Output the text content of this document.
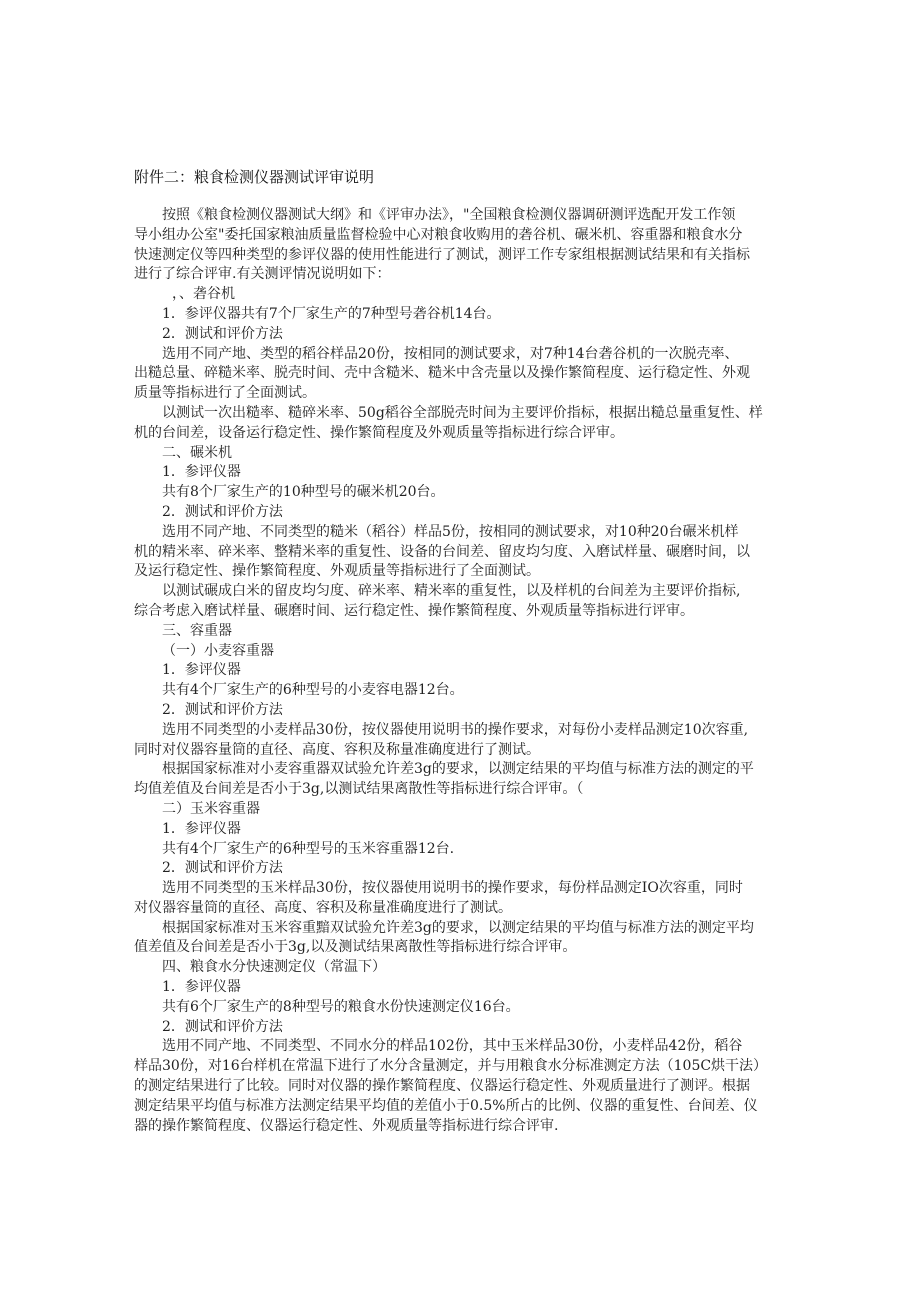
附件二：粮食检测仪器测试评审说明
按照《粮食检测仪器测试大纲》和《评审办法》，"全国粮食检测仪器调研测评选配开发工作领
导小组办公室"委托国家粮油质量监督检验中心对粮食收购用的砻谷机、碾米机、容重器和粮食水分
快速测定仪等四种类型的参评仪器的使用性能进行了测试，测评工作专家组根据测试结果和有关指标
进行了综合评审.有关测评情况说明如下：
，、砻谷机
1．参评仪器共有7个厂家生产的7种型号砻谷机14台。
2．测试和评价方法
选用不同产地、类型的稻谷样品20份，按相同的测试要求，对7种14台砻谷机的一次脱壳率、
出糙总量、碎糙米率、脱壳时间、壳中含糙米、糙米中含壳量以及操作繁简程度、运行稳定性、外观
质量等指标进行了全面测试。
以测试一次出糙率、糙碎米率、50g稻谷全部脱壳时间为主要评价指标，根据出糙总量重复性、样
机的台间差，设备运行稳定性、操作繁简程度及外观质量等指标进行综合评审。
二、碾米机
1．参评仪器
共有8个厂家生产的10种型号的碾米机20台。
2．测试和评价方法
选用不同产地、不同类型的糙米（稻谷）样品5份，按相同的测试要求，对10种20台碾米机样
机的精米率、碎米率、整精米率的重复性、设备的台间差、留皮均匀度、入磨试样量、碾磨时间，以
及运行稳定性、操作繁简程度、外观质量等指标进行了全面测试。
以测试碾成白米的留皮均匀度、碎米率、精米率的重复性，以及样机的台间差为主要评价指标,
综合考虑入磨试样量、碾磨时间、运行稳定性、操作繁简程度、外观质量等指标进行评审。
三、容重器
（一）小麦容重器
1．参评仪器
共有4个厂家生产的6种型号的小麦容电器12台。
2．测试和评价方法
选用不同类型的小麦样品30份，按仪器使用说明书的操作要求，对每份小麦样品测定10次容重,
同时对仪器容量筒的直径、高度、容积及称量准确度进行了测试。
根据国家标准对小麦容重器双试验允许差3g的要求，以测定结果的平均值与标准方法的测定的平
均值差值及台间差是否小于3g,以测试结果离散性等指标进行综合评审。（
二）玉米容重器
1．参评仪器
共有4个厂家生产的6种型号的玉米容重器12台.
2．测试和评价方法
选用不同类型的玉米样品30份，按仪器使用说明书的操作要求，每份样品测定IO次容重，同时
对仪器容量筒的直径、高度、容积及称量准确度进行了测试。
根据国家标准对玉米容重黯双试验允许差3g的要求，以测定结果的平均值与标准方法的测定平均
值差值及台间差是否小于3g,以及测试结果离散性等指标进行综合评审。
四、粮食水分快速测定仪（常温下）
1．参评仪器
共有6个厂家生产的8种型号的粮食水份快速测定仪16台。
2．测试和评价方法
选用不同产地、不同类型、不同水分的样品102份，其中玉米样品30份，小麦样品42份，稻谷
样品30份，对16台样机在常温下进行了水分含量测定，并与用粮食水分标准测定方法（105C烘干法）
的测定结果进行了比较。同时对仪器的操作繁简程度、仪器运行稳定性、外观质量进行了测评。根据
测定结果平均值与标准方法测定结果平均值的差值小于0.5%所占的比例、仪器的重复性、台间差、仪
器的操作繁简程度、仪器运行稳定性、外观质量等指标进行综合评审.
